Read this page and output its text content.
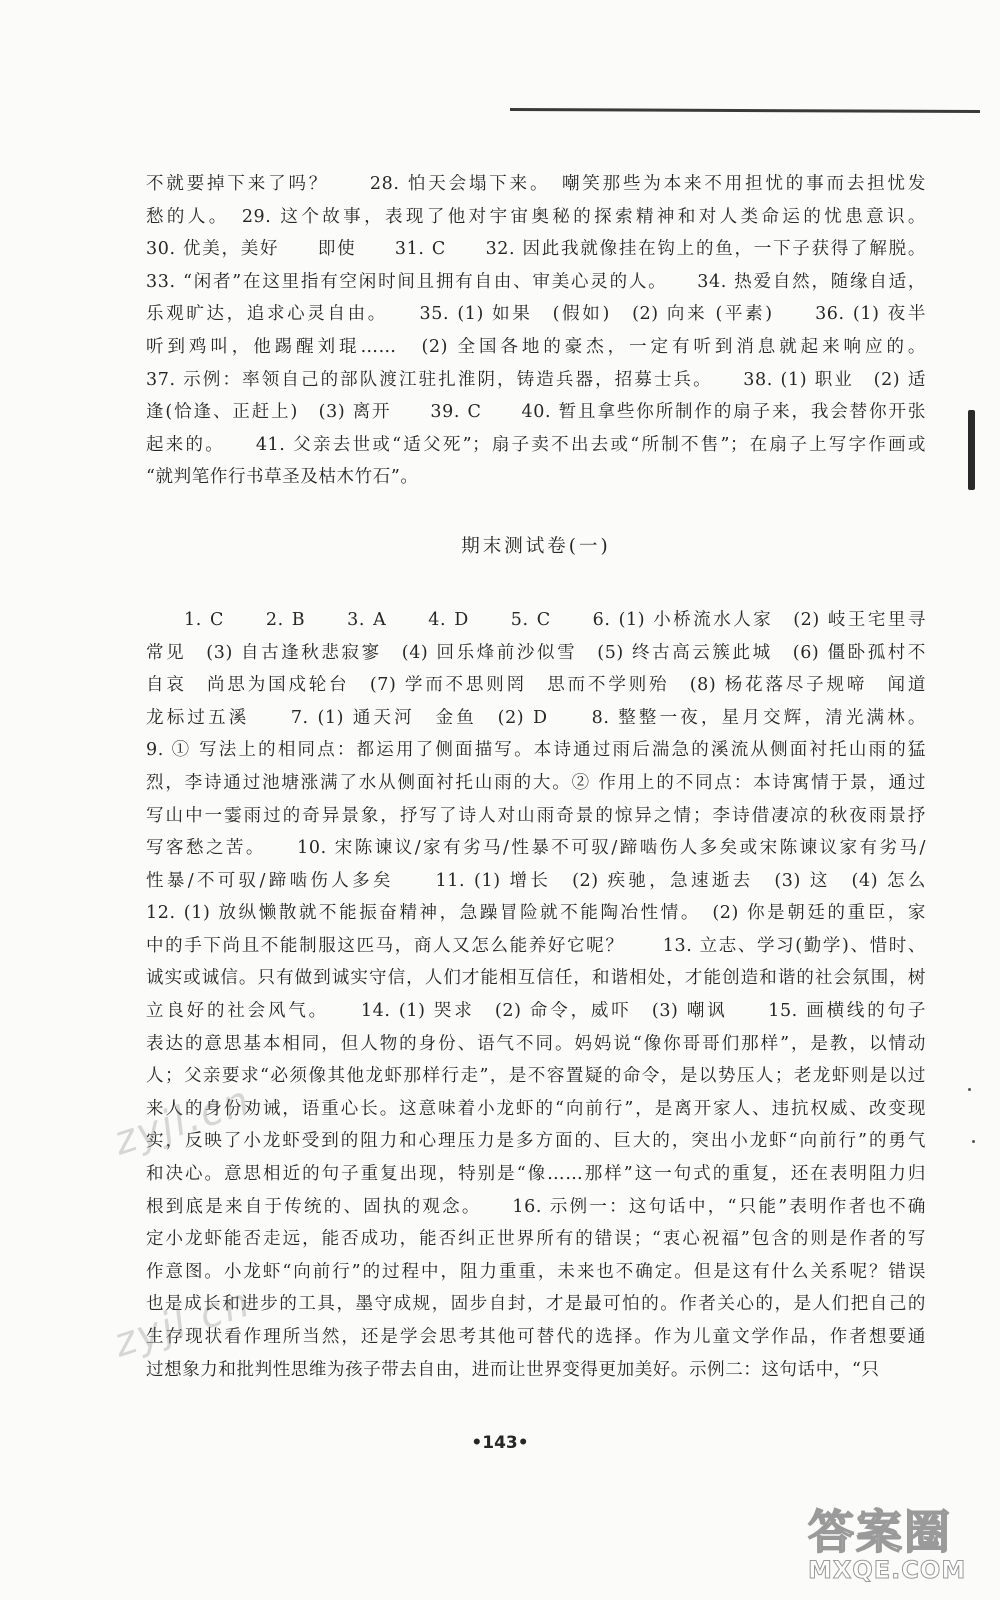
不就要掉下来了吗？　　28. 怕天会塌下来。　嘲笑那些为本来不用担忧的事而去担忧发

愁的人。　29. 这个故事，表现了他对宇宙奥秘的探索精神和对人类命运的忧患意识。

30. 优美，美好　　即使　　31. C　　32. 因此我就像挂在钩上的鱼，一下子获得了解脱。

33. “闲者”在这里指有空闲时间且拥有自由、审美心灵的人。　　34. 热爱自然，随缘自适，

乐观旷达，追求心灵自由。　　35. (1) 如果　(假如)　(2) 向来 (平素)　　36. (1) 夜半

听到鸡叫，他踢醒刘琨……　(2) 全国各地的豪杰，一定有听到消息就起来响应的。

37. 示例：率领自己的部队渡江驻扎淮阴，铸造兵器，招募士兵。　　38. (1) 职业　(2) 适

逢(恰逢、正赶上)　(3) 离开　　39. C　　40. 暂且拿些你所制作的扇子来，我会替你开张

起来的。　　41. 父亲去世或“适父死”；扇子卖不出去或“所制不售”；在扇子上写字作画或

“就判笔作行书草圣及枯木竹石”。

期末测试卷(一)

1. C　　2. B　　3. A　　4. D　　5. C　　6. (1) 小桥流水人家　(2) 岐王宅里寻

常见　(3) 自古逢秋悲寂寥　(4) 回乐烽前沙似雪　(5) 终古高云簇此城　(6) 僵卧孤村不

自哀　尚思为国戍轮台　(7) 学而不思则罔　思而不学则殆　(8) 杨花落尽子规啼　闻道

龙标过五溪　　7. (1) 通天河　金鱼　(2) D　　8. 整整一夜，星月交辉，清光满林。

9. ① 写法上的相同点：都运用了侧面描写。本诗通过雨后湍急的溪流从侧面衬托山雨的猛

烈，李诗通过池塘涨满了水从侧面衬托山雨的大。② 作用上的不同点：本诗寓情于景，通过

写山中一霎雨过的奇异景象，抒写了诗人对山雨奇景的惊异之情；李诗借凄凉的秋夜雨景抒

写客愁之苦。　　10. 宋陈谏议/家有劣马/性暴不可驭/蹄啮伤人多矣或宋陈谏议家有劣马/

性暴/不可驭/蹄啮伤人多矣　　11. (1) 增长　(2) 疾驰，急速逝去　(3) 这　(4) 怎么

12. (1) 放纵懒散就不能振奋精神，急躁冒险就不能陶冶性情。　(2) 你是朝廷的重臣，家

中的手下尚且不能制服这匹马，商人又怎么能养好它呢？　　13. 立志、学习(勤学)、惜时、

诚实或诚信。只有做到诚实守信，人们才能相互信任，和谐相处，才能创造和谐的社会氛围，树

立良好的社会风气。　　14. (1) 哭求　(2) 命令，威吓　(3) 嘲讽　　15. 画横线的句子

表达的意思基本相同，但人物的身份、语气不同。妈妈说“像你哥哥们那样”，是教，以情动

人；父亲要求“必须像其他龙虾那样行走”，是不容置疑的命令，是以势压人；老龙虾则是以过

来人的身份劝诫，语重心长。这意味着小龙虾的“向前行”，是离开家人、违抗权威、改变现

实，反映了小龙虾受到的阻力和心理压力是多方面的、巨大的，突出小龙虾“向前行”的勇气

和决心。意思相近的句子重复出现，特别是“像……那样”这一句式的重复，还在表明阻力归

根到底是来自于传统的、固执的观念。　　16. 示例一：这句话中，“只能”表明作者也不确

定小龙虾能否走远，能否成功，能否纠正世界所有的错误；“衷心祝福”包含的则是作者的写

作意图。小龙虾“向前行”的过程中，阻力重重，未来也不确定。但是这有什么关系呢？错误

也是成长和进步的工具，墨守成规，固步自封，才是最可怕的。作者关心的，是人们把自己的

生存现状看作理所当然，还是学会思考其他可替代的选择。作为儿童文学作品，作者想要通

过想象力和批判性思维为孩子带去自由，进而让世界变得更加美好。示例二：这句话中，“只

•143•
zyjl.cn
zyjl.cn
答案圈
MXQE.COM
